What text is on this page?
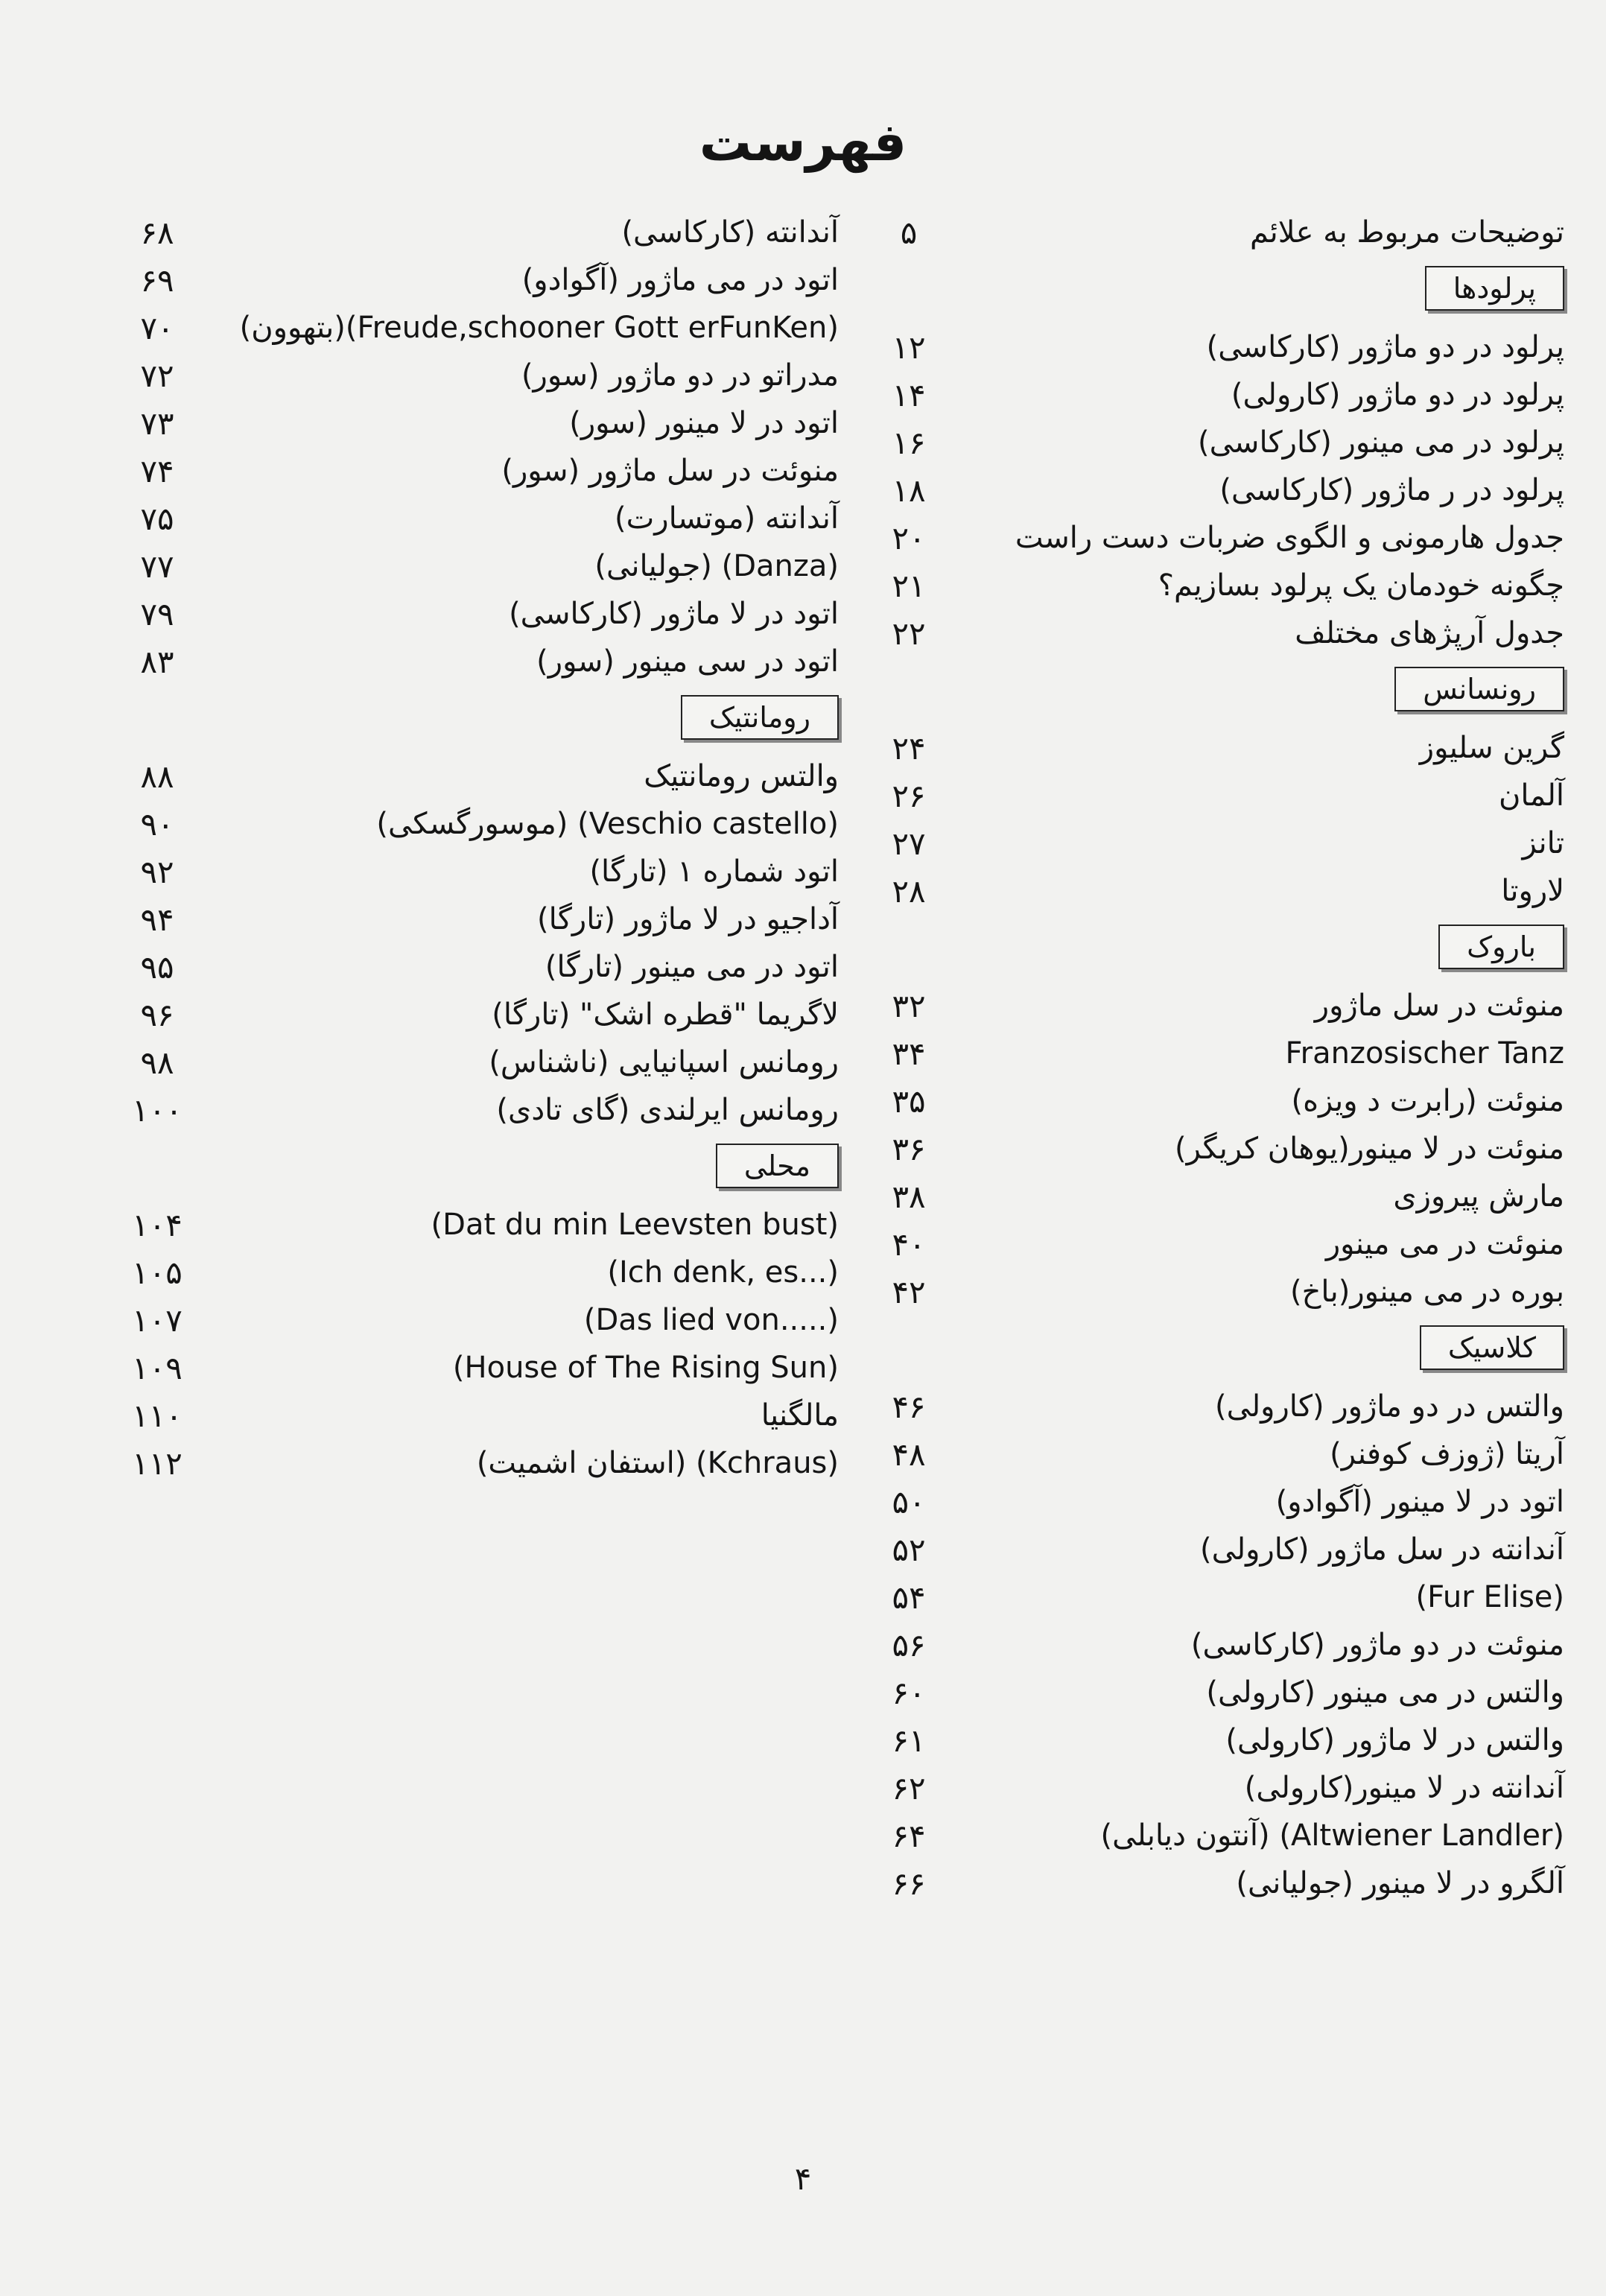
فهرست
توضیحات مربوط به علائم
۵
پرلودها
پرلود در دو ماژور (کارکاسی)
۱۲
پرلود در دو ماژور (کارولی)
۱۴
پرلود در می مینور (کارکاسی)
۱۶
پرلود در ر ماژور (کارکاسی)
۱۸
جدول هارمونی و الگوی ضربات دست راست
۲۰
چگونه خودمان یک پرلود بسازیم؟
۲۱
جدول آرپژهای مختلف
۲۲
رونسانس
گرین سلیوز
۲۴
آلمان
۲۶
تانز
۲۷
لاروتا
۲۸
باروک
منوئت در سل ماژور
۳۲
Franzosischer Tanz
۳۴
منوئت (رابرت د ویزه)
۳۵
منوئت در لا مینور(یوهان کریگر)
۳۶
مارش پیروزی
۳۸
منوئت در می مینور
۴۰
بوره در می مینور(باخ)
۴۲
کلاسیک
والتس در دو ماژور (کارولی)
۴۶
آریتا (ژوزف کوفنر)
۴۸
اتود در لا مینور (آگوادو)
۵۰
آندانته در سل ماژور (کارولی)
۵۲
(Fur Elise)
۵۴
منوئت در دو ماژور (کارکاسی)
۵۶
والتس در می مینور (کارولی)
۶۰
والتس در لا ماژور (کارولی)
۶۱
آندانته در لا مینور(کارولی)
۶۲
(Altwiener Landler) (آنتون دیابلی)
۶۴
آلگرو در لا مینور (جولیانی)
۶۶
آندانته (کارکاسی)
۶۸
اتود در می ماژور (آگوادو)
۶۹
(Freude,schooner Gott erFunKen)(بتهوون)
۷۰
مدراتو در دو ماژور (سور)
۷۲
اتود در لا مینور (سور)
۷۳
منوئت در سل ماژور (سور)
۷۴
آندانته (موتسارت)
۷۵
(Danza) (جولیانی)
۷۷
اتود در لا ماژور (کارکاسی)
۷۹
اتود در سی مینور (سور)
۸۳
رومانتیک
والتس رومانتیک
۸۸
(Veschio castello) (موسورگسکی)
۹۰
اتود شماره ۱ (تارگا)
۹۲
آداجیو در لا ماژور (تارگا)
۹۴
اتود در می مینور (تارگا)
۹۵
لاگریما "قطره اشک" (تارگا)
۹۶
رومانس اسپانیایی (ناشناس)
۹۸
رومانس ایرلندی (گای تادی)
۱۰۰
محلی
(Dat du min Leevsten bust)
۱۰۴
(...Ich denk, es)
۱۰۵
(.....Das lied von)
۱۰۷
(House of The Rising Sun)
۱۰۹
مالگنیا
۱۱۰
(Kchraus) (استفان اشمیت)
۱۱۲
۴
